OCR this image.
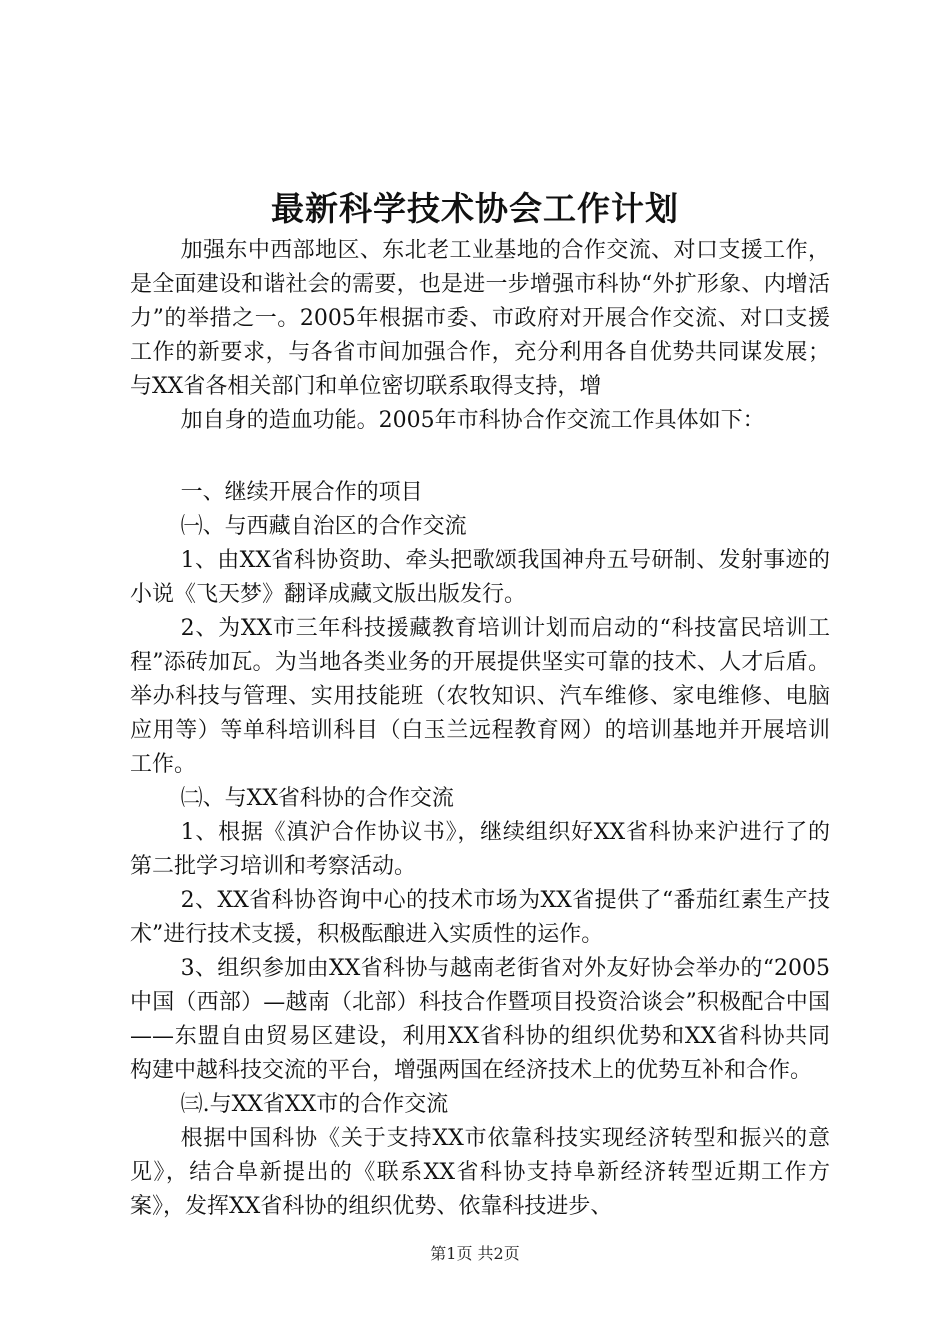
最新科学技术协会工作计划

加强东中西部地区、东北老工业基地的合作交流、对口支援工作，是全面建设和谐社会的需要，也是进一步增强市科协“外扩形象、内增活力”的举措之一。2005年根据市委、市政府对开展合作交流、对口支援工作的新要求，与各省市间加强合作，充分利用各自优势共同谋发展；与XX省各相关部门和单位密切联系取得支持，增

加自身的造血功能。2005年市科协合作交流工作具体如下：

一、继续开展合作的项目

㈠、与西藏自治区的合作交流

1、由XX省科协资助、牵头把歌颂我国神舟五号研制、发射事迹的小说《飞天梦》翻译成藏文版出版发行。

2、为XX市三年科技援藏教育培训计划而启动的“科技富民培训工程”添砖加瓦。为当地各类业务的开展提供坚实可靠的技术、人才后盾。举办科技与管理、实用技能班（农牧知识、汽车维修、家电维修、电脑应用等）等单科培训科目（白玉兰远程教育网）的培训基地并开展培训工作。

㈡、与XX省科协的合作交流

1、根据《滇沪合作协议书》，继续组织好XX省科协来沪进行了的第二批学习培训和考察活动。

2、XX省科协咨询中心的技术市场为XX省提供了“番茄红素生产技术”进行技术支援，积极酝酿进入实质性的运作。

3、组织参加由XX省科协与越南老街省对外友好协会举办的“2005中国（西部）—越南（北部）科技合作暨项目投资洽谈会”积极配合中国——东盟自由贸易区建设，利用XX省科协的组织优势和XX省科协共同构建中越科技交流的平台，增强两国在经济技术上的优势互补和合作。

㈢.与XX省XX市的合作交流

根据中国科协《关于支持XX市依靠科技实现经济转型和振兴的意见》，结合阜新提出的《联系XX省科协支持阜新经济转型近期工作方案》，发挥XX省科协的组织优势、依靠科技进步、

第1页 共2页
